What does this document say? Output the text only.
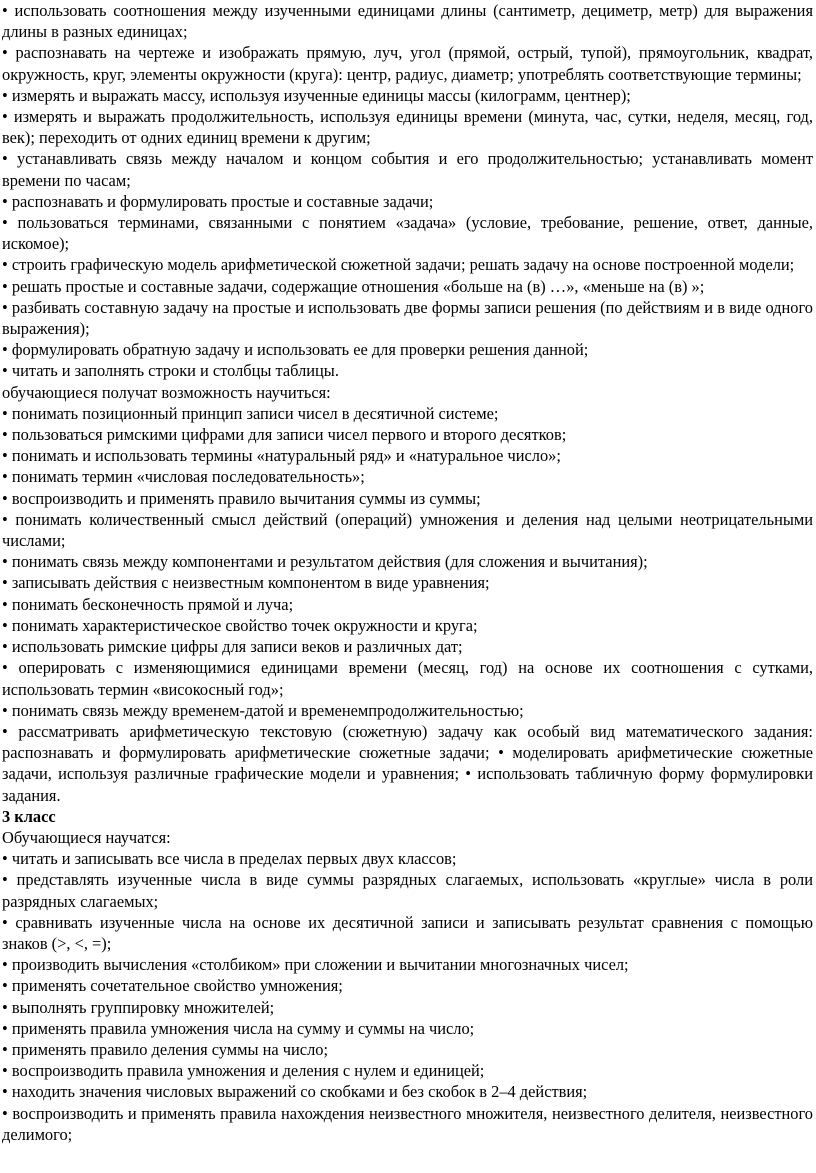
• использовать соотношения между изученными единицами длины (сантиметр, дециметр, метр) для выражения длины в разных единицах;

• распознавать на чертеже и изображать прямую, луч, угол (прямой, острый, тупой), прямоугольник, квадрат, окружность, круг, элементы окружности (круга): центр, радиус, диаметр; употреблять соответствующие термины;

• измерять и выражать массу, используя изученные единицы массы (килограмм, центнер);

• измерять и выражать продолжительность, используя единицы времени (минута, час, сутки, неделя, месяц, год, век); переходить от одних единиц времени к другим;

• устанавливать связь между началом и концом события и его продолжительностью; устанавливать момент времени по часам;

• распознавать и формулировать простые и составные задачи;

• пользоваться терминами, связанными с понятием «задача» (условие, требование, решение, ответ, данные, искомое);

• строить графическую модель арифметической сюжетной задачи; решать задачу на основе построенной модели;

• решать простые и составные задачи, содержащие отношения «больше на (в) …», «меньше на (в) »;

• разбивать составную задачу на простые и использовать две формы записи решения (по действиям и в виде одного выражения);

• формулировать обратную задачу и использовать ее для проверки решения данной;

• читать и заполнять строки и столбцы таблицы.

обучающиеся получат возможность научиться:

• понимать позиционный принцип записи чисел в десятичной системе;

• пользоваться римскими цифрами для записи чисел первого и второго десятков;

• понимать и использовать термины «натуральный ряд» и «натуральное число»;

• понимать термин «числовая последовательность»;

• воспроизводить и применять правило вычитания суммы из суммы;

• понимать количественный смысл действий (операций) умножения и деления над целыми неотрицательными числами;

• понимать связь между компонентами и результатом действия (для сложения и вычитания);

• записывать действия с неизвестным компонентом в виде уравнения;

• понимать бесконечность прямой и луча;

• понимать характеристическое свойство точек окружности и круга;

• использовать римские цифры для записи веков и различных дат;

• оперировать с изменяющимися единицами времени (месяц, год) на основе их соотношения с сутками, использовать термин «високосный год»;

• понимать связь между временем-датой и временемпродолжительностью;

• рассматривать арифметическую текстовую (сюжетную) задачу как особый вид математического задания: распознавать и формулировать арифметические сюжетные задачи; • моделировать арифметические сюжетные задачи, используя различные графические модели и уравнения; • использовать табличную форму формулировки задания.

3 класс

Обучающиеся научатся:

• читать и записывать все числа в пределах первых двух классов;

• представлять изученные числа в виде суммы разрядных слагаемых, использовать «круглые» числа в роли разрядных слагаемых;

• сравнивать изученные числа на основе их десятичной записи и записывать результат сравнения с помощью знаков (>, <, =);

• производить вычисления «столбиком» при сложении и вычитании многозначных чисел;

• применять сочетательное свойство умножения;

• выполнять группировку множителей;

• применять правила умножения числа на сумму и суммы на число;

• применять правило деления суммы на число;

• воспроизводить правила умножения и деления с нулем и единицей;

• находить значения числовых выражений со скобками и без скобок в 2–4 действия;

• воспроизводить и применять правила нахождения неизвестного множителя, неизвестного делителя, неизвестного делимого;
